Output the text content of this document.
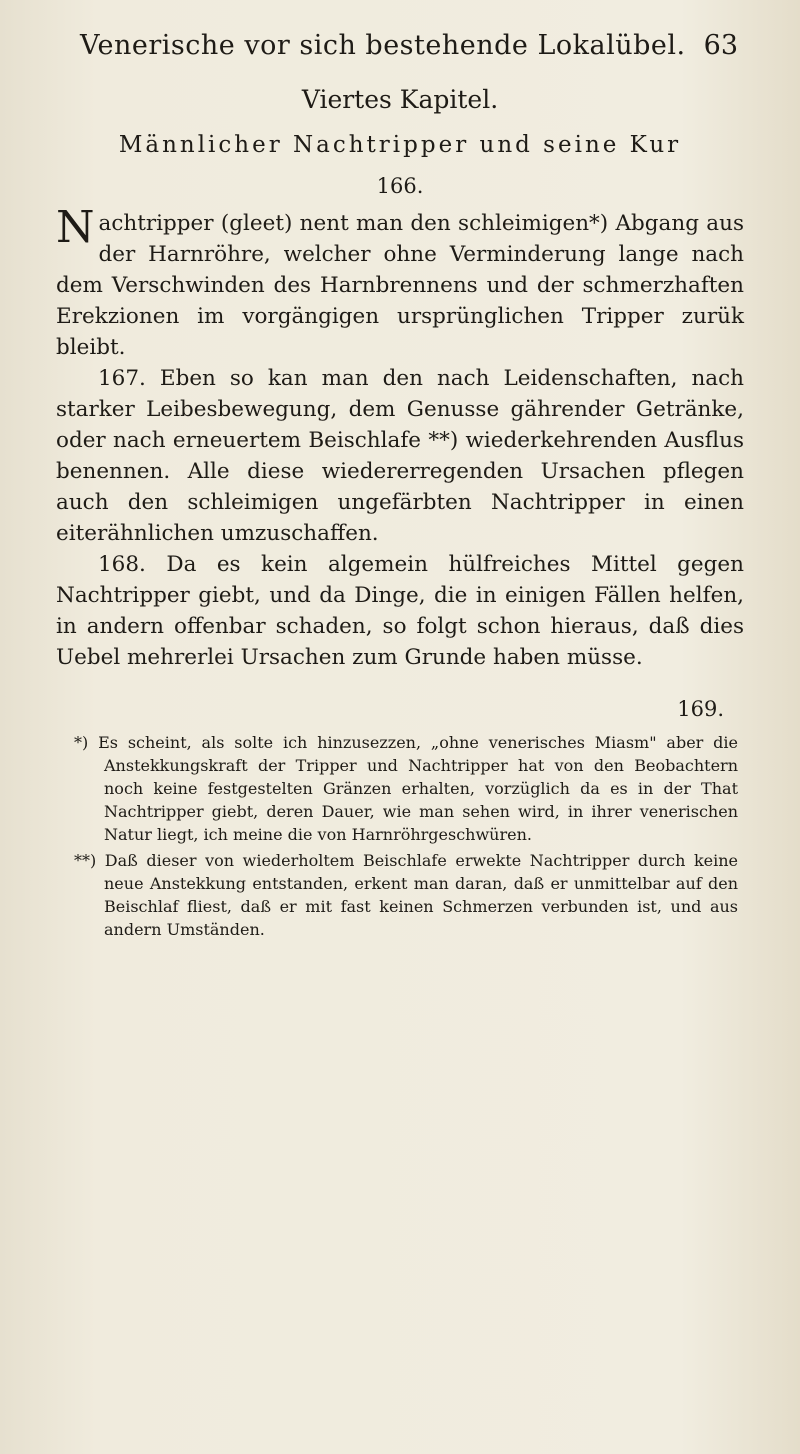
Venerische vor sich bestehende Lokalübel. 63
Viertes Kapitel.
Männlicher Nachtripper und seine Kur
166.

Nachtripper (gleet) nent man den schleimigen*) Abgang aus der Harnröhre, welcher ohne Verminderung lange nach dem Verschwinden des Harnbrennens und der schmerzhaften Erekzionen im vorgängigen ursprünglichen Tripper zurük bleibt.

167. Eben so kan man den nach Leidenschaften, nach starker Leibesbewegung, dem Genusse gährender Getränke, oder nach erneuertem Beischlafe **) wiederkehrenden Ausflus benennen. Alle diese wiedererregenden Ursachen pflegen auch den schleimigen ungefärbten Nachtripper in einen eiterähnlichen umzuschaffen.

168. Da es kein algemein hülfreiches Mittel gegen Nachtripper giebt, und da Dinge, die in einigen Fällen helfen, in andern offenbar schaden, so folgt schon hieraus, daß dies Uebel mehrerlei Ursachen zum Grunde haben müsse.

169.

*) Es scheint, als solte ich hinzusezzen, „ohne venerisches Miasm" aber die Anstekkungskraft der Tripper und Nachtripper hat von den Beobachtern noch keine festgestelten Gränzen erhalten, vorzüglich da es in der That Nachtripper giebt, deren Dauer, wie man sehen wird, in ihrer venerischen Natur liegt, ich meine die von Harnröhrgeschwüren.

**) Daß dieser von wiederholtem Beischlafe erwekte Nachtripper durch keine neue Anstekkung entstanden, erkent man daran, daß er unmittelbar auf den Beischlaf fliest, daß er mit fast keinen Schmerzen verbunden ist, und aus andern Umständen.
